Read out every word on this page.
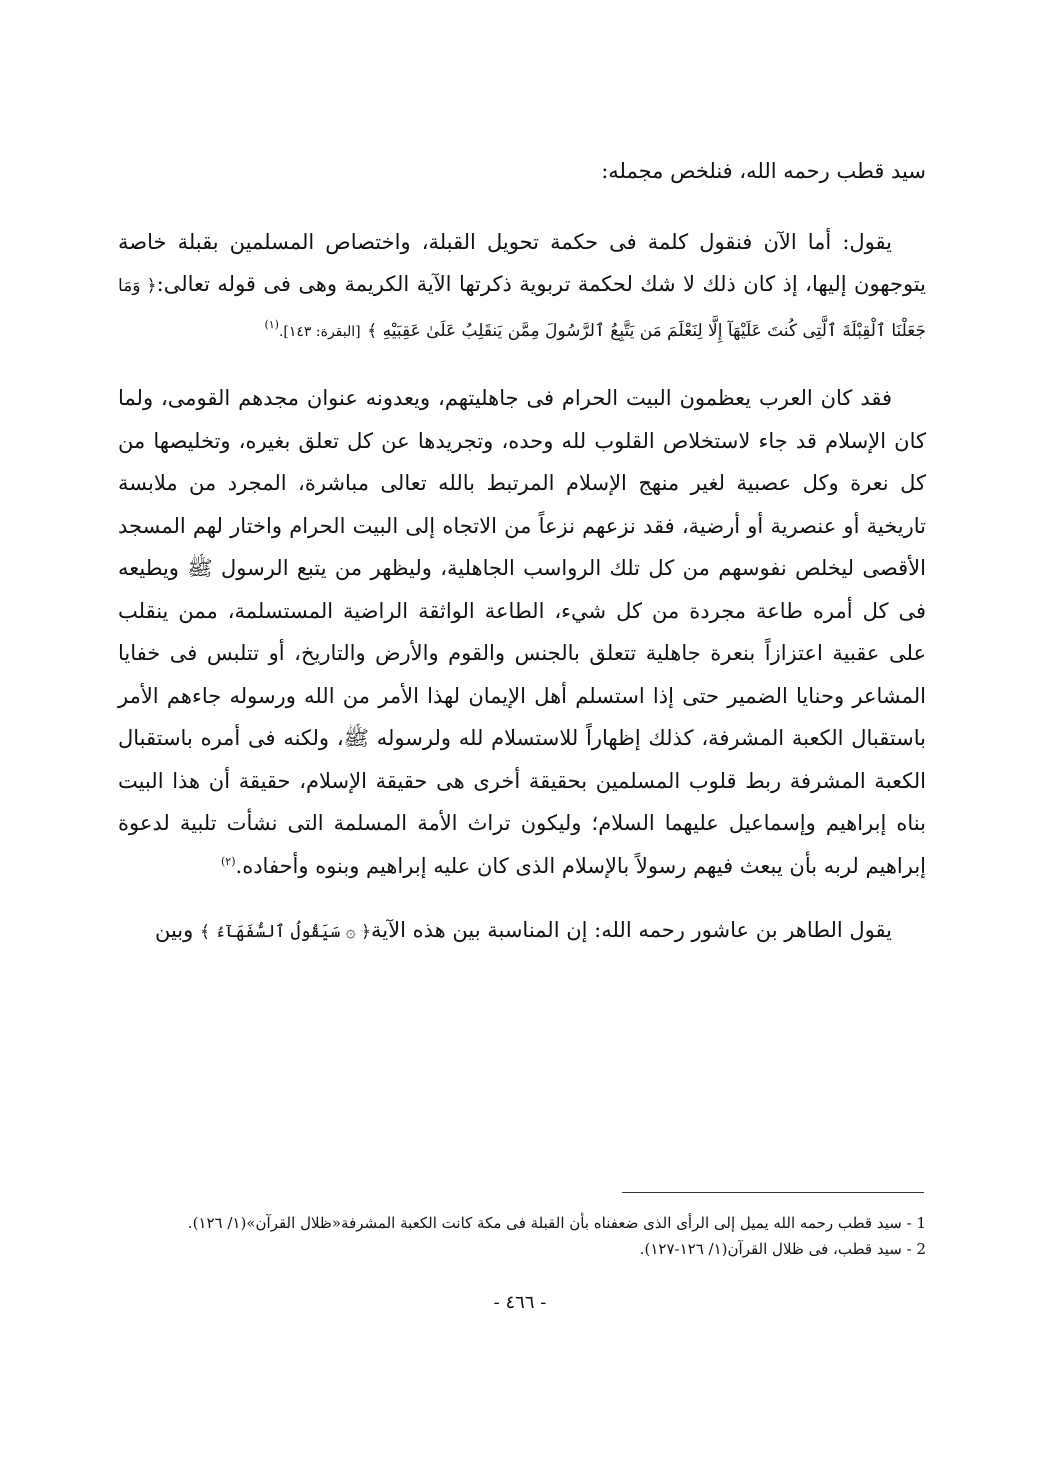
سيد قطب رحمه الله، فنلخص مجمله:

يقول: أما الآن فنقول كلمة فى حكمة تحويل القبلة، واختصاص المسلمين بقبلة خاصة يتوجهون إليها، إذ كان ذلك لا شك لحكمة تربوية ذكرتها الآية الكريمة وهى فى قوله تعالى:﴿ وَمَا جَعَلْنَا ٱلْقِبْلَةَ ٱلَّتِى كُنتَ عَلَيْهَآ إِلَّا لِنَعْلَمَ مَن يَتَّبِعُ ٱلرَّسُولَ مِمَّن يَنقَلِبُ عَلَىٰ عَقِبَيْهِ ﴾ [البقرة: ١٤٣].$^{(١)}$

فقد كان العرب يعظمون البيت الحرام فى جاهليتهم، ويعدونه عنوان مجدهم القومى، ولما كان الإسلام قد جاء لاستخلاص القلوب لله وحده، وتجريدها عن كل تعلق بغيره، وتخليصها من كل نعرة وكل عصبية لغير منهج الإسلام المرتبط بالله تعالى مباشرة، المجرد من ملابسة تاريخية أو عنصرية أو أرضية، فقد نزعهم نزعاً من الاتجاه إلى البيت الحرام واختار لهم المسجد الأقصى ليخلص نفوسهم من كل تلك الرواسب الجاهلية، وليظهر من يتبع الرسول ﷺ ويطيعه فى كل أمره طاعة مجردة من كل شيء، الطاعة الواثقة الراضية المستسلمة، ممن ينقلب على عقبية اعتزازاً بنعرة جاهلية تتعلق بالجنس والقوم والأرض والتاريخ، أو تتلبس فى خفايا المشاعر وحنايا الضمير حتى إذا استسلم أهل الإيمان لهذا الأمر من الله ورسوله جاءهم الأمر باستقبال الكعبة المشرفة، كذلك إظهاراً للاستسلام لله ولرسوله ﷺ، ولكنه فى أمره باستقبال الكعبة المشرفة ربط قلوب المسلمين بحقيقة أخرى هى حقيقة الإسلام، حقيقة أن هذا البيت بناه إبراهيم وإسماعيل عليهما السلام؛ وليكون تراث الأمة المسلمة التى نشأت تلبية لدعوة إبراهيم لربه بأن يبعث فيهم رسولاً بالإسلام الذى كان عليه إبراهيم وبنوه وأحفاده.$^{(٢)}$

يقول الطاهر بن عاشور رحمه الله: إن المناسبة بين هذه الآية﴿ ۞ سَيَقُولُ ٱلسُّفَهَآءُ ﴾ وبين

1 - سيد قطب رحمه الله يميل إلى الرأى الذى ضعفناه بأن القبلة فى مكة كانت الكعبة المشرفة«ظلال القرآن»(١/ ١٢٦).

2 - سيد قطب، فى ظلال القرآن(١/ ١٢٦-١٢٧).

- ٤٦٦ -
